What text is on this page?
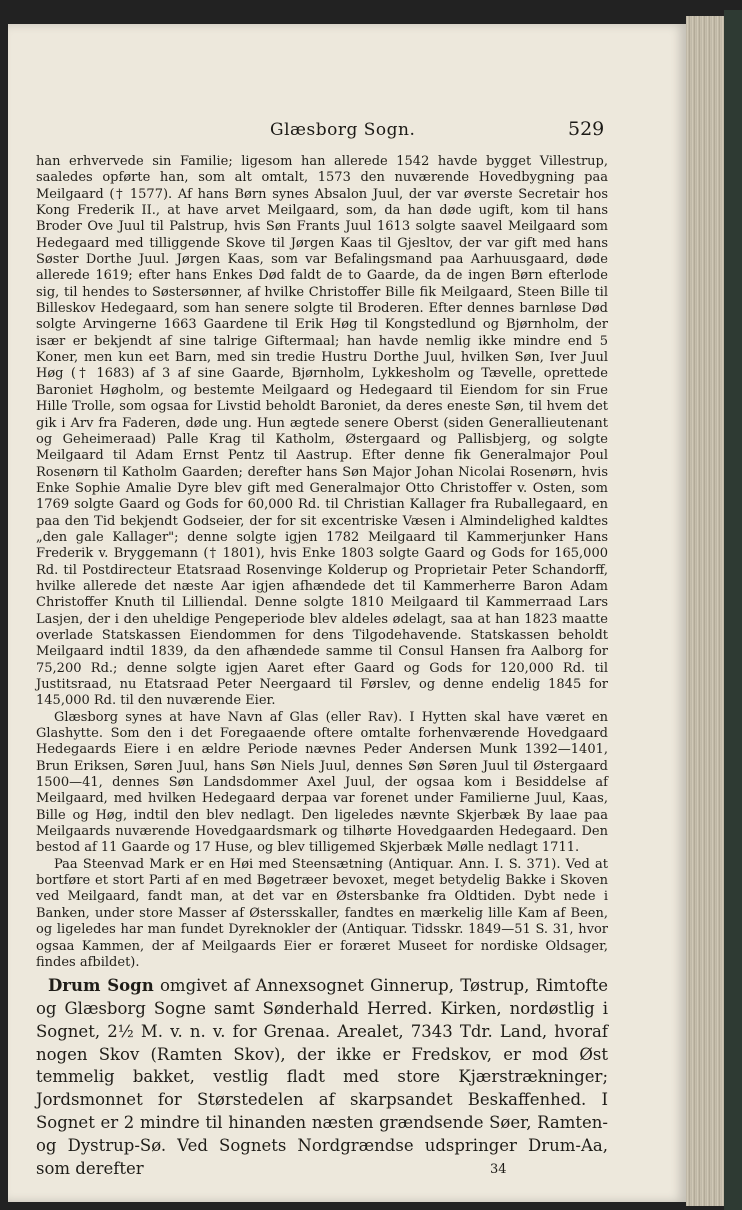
Glæsborg Sogn.	529

han erhvervede sin Familie; ligesom han allerede 1542 havde bygget Villestrup, saaledes opførte han, som alt omtalt, 1573 den nuværende Hovedbygning paa Meilgaard († 1577). Af hans Børn synes Absalon Juul, der var øverste Secretair hos Kong Frederik II., at have arvet Meilgaard, som, da han døde ugift, kom til hans Broder Ove Juul til Palstrup, hvis Søn Frants Juul 1613 solgte saavel Meilgaard som Hedegaard med tilliggende Skove til Jørgen Kaas til Gjesltov, der var gift med hans Søster Dorthe Juul. Jørgen Kaas, som var Befalingsmand paa Aarhuusgaard, døde allerede 1619; efter hans Enkes Død faldt de to Gaarde, da de ingen Børn efterlode sig, til hendes to Søstersønner, af hvilke Christoffer Bille fik Meilgaard, Steen Bille til Billeskov Hedegaard, som han senere solgte til Broderen. Efter dennes barnløse Død solgte Arvingerne 1663 Gaardene til Erik Høg til Kongstedlund og Bjørnholm, der især er bekjendt af sine talrige Giftermaal; han havde nemlig ikke mindre end 5 Koner, men kun eet Barn, med sin tredie Hustru Dorthe Juul, hvilken Søn, Iver Juul Høg († 1683) af 3 af sine Gaarde, Bjørnholm, Lykkesholm og Tævelle, oprettede Baroniet Høgholm, og bestemte Meilgaard og Hedegaard til Eiendom for sin Frue Hille Trolle, som ogsaa for Livstid beholdt Baroniet, da deres eneste Søn, til hvem det gik i Arv fra Faderen, døde ung. Hun ægtede senere Oberst (siden Generallieutenant og Geheimeraad) Palle Krag til Katholm, Østergaard og Pallisbjerg, og solgte Meilgaard til Adam Ernst Pentz til Aastrup. Efter denne fik Generalmajor Poul Rosenørn til Katholm Gaarden; derefter hans Søn Major Johan Nicolai Rosenørn, hvis Enke Sophie Amalie Dyre blev gift med Generalmajor Otto Christoffer v. Osten, som 1769 solgte Gaard og Gods for 60,000 Rd. til Christian Kallager fra Ruballegaard, en paa den Tid bekjendt Godseier, der for sit excentriske Væsen i Almindelighed kaldtes „den gale Kallager"; denne solgte igjen 1782 Meilgaard til Kammerjunker Hans Frederik v. Bryggemann († 1801), hvis Enke 1803 solgte Gaard og Gods for 165,000 Rd. til Postdirecteur Etatsraad Rosenvinge Kolderup og Proprietair Peter Schandorff, hvilke allerede det næste Aar igjen afhændede det til Kammerherre Baron Adam Christoffer Knuth til Lilliendal. Denne solgte 1810 Meilgaard til Kammerraad Lars Lasjen, der i den uheldige Pengeperiode blev aldeles ødelagt, saa at han 1823 maatte overlade Statskassen Eiendommen for dens Tilgodehavende. Statskassen beholdt Meilgaard indtil 1839, da den afhændede samme til Consul Hansen fra Aalborg for 75,200 Rd.; denne solgte igjen Aaret efter Gaard og Gods for 120,000 Rd. til Justitsraad, nu Etatsraad Peter Neergaard til Førslev, og denne endelig 1845 for 145,000 Rd. til den nuværende Eier.

Glæsborg synes at have Navn af Glas (eller Rav). I Hytten skal have været en Glashytte. Som den i det Foregaaende oftere omtalte forhenværende Hovedgaard Hedegaards Eiere i en ældre Periode nævnes Peder Andersen Munk 1392—1401, Brun Eriksen, Søren Juul, hans Søn Niels Juul, dennes Søn Søren Juul til Østergaard 1500—41, dennes Søn Landsdommer Axel Juul, der ogsaa kom i Besiddelse af Meilgaard, med hvilken Hedegaard derpaa var forenet under Familierne Juul, Kaas, Bille og Høg, indtil den blev nedlagt. Den ligeledes nævnte Skjerbæk By laae paa Meilgaards nuværende Hovedgaardsmark og tilhørte Hovedgaarden Hedegaard. Den bestod af 11 Gaarde og 17 Huse, og blev tilligemed Skjerbæk Mølle nedlagt 1711.

Paa Steenvad Mark er en Høi med Steensætning (Antiquar. Ann. I. S. 371). Ved at bortføre et stort Parti af en med Bøgetræer bevoxet, meget betydelig Bakke i Skoven ved Meilgaard, fandt man, at det var en Østersbanke fra Oldtiden. Dybt nede i Banken, under store Masser af Østersskaller, fandtes en mærkelig lille Kam af Been, og ligeledes har man fundet Dyreknokler der (Antiquar. Tidsskr. 1849—51 S. 31, hvor ogsaa Kammen, der af Meilgaards Eier er foræret Museet for nordiske Oldsager, findes afbildet).

Drum Sogn omgivet af Annexsognet Ginnerup, Tøstrup, Rimtofte og Glæsborg Sogne samt Sønderhald Herred. Kirken, nordøstlig i Sognet, 2½ M. v. n. v. for Grenaa. Arealet, 7343 Tdr. Land, hvoraf nogen Skov (Ramten Skov), der ikke er Fredskov, er mod Øst temmelig bakket, vestlig fladt med store Kjærstrækninger; Jordsmonnet for Størstedelen af skarpsandet Beskaffenhed. I Sognet er 2 mindre til hinanden næsten grændsende Søer, Ramten- og Dystrup-Sø. Ved Sognets Nordgrændse udspringer Drum-Aa, som derefter	34
